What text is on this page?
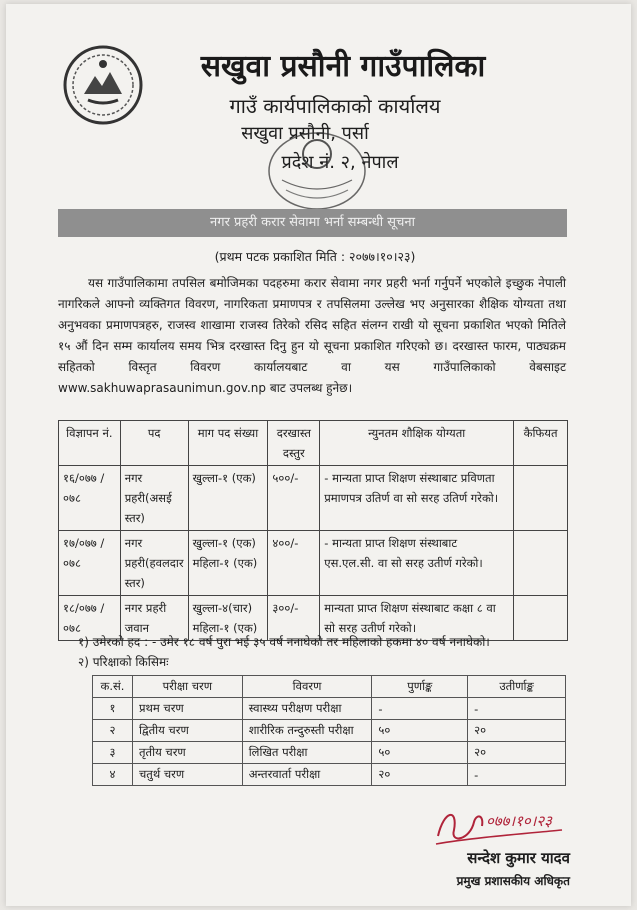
सखुवा प्रसौनी गाउँपालिका
गाउँ कार्यपालिकाको कार्यालय
सखुवा प्रसौनी, पर्सा
प्रदेश नं. २, नेपाल
नगर प्रहरी करार सेवामा भर्ना सम्बन्धी सूचना
(प्रथम पटक प्रकाशित मिति : २०७७।१०।२३)
यस गाउँपालिकामा तपसिल बमोजिमका पदहरुमा करार सेवामा नगर प्रहरी भर्ना गर्नुपर्ने भएकोले इच्छुक नेपाली नागरिकले आफ्नो व्यक्तिगत विवरण, नागरिकता प्रमाणपत्र र तपसिलमा उल्लेख भए अनुसारका शैक्षिक योग्यता तथा अनुभवका प्रमाणपत्रहरु, राजस्व शाखामा राजस्व तिरेको रसिद सहित संलग्न राखी यो सूचना प्रकाशित भएको मितिले १५ औं दिन सम्म कार्यालय समय भित्र दरखास्त दिनु हुन यो सूचना प्रकाशित गरिएको छ। दरखास्त फारम, पाठ्यक्रम सहितको विस्तृत विवरण कार्यालयबाट वा यस गाउँपालिकाको वेबसाइट www.sakhuwaprasaunimun.gov.np बाट उपलब्ध हुनेछ।
विज्ञापन नं.	पद	माग पद संख्या	दरखास्त दस्तुर	न्युनतम शौक्षिक योग्यता	कैफियत
१६/०७७ /०७८	नगर प्रहरी(असई स्तर)	खुल्ला-१ (एक)	५००/-	- मान्यता प्राप्त शिक्षण संस्थाबाट प्रविणता प्रमाणपत्र उतिर्ण वा सो सरह उतिर्ण गरेको।	
१७/०७७ /०७८	नगर प्रहरी(हवलदार स्तर)	खुल्ला-१ (एक) महिला-१ (एक)	४००/-	- मान्यता प्राप्त शिक्षण संस्थाबाट एस.एल.सी. वा सो सरह उतीर्ण गरेको।	
१८/०७७ /०७८	नगर प्रहरी जवान	खुल्ला-४(चार) महिला-१ (एक)	३००/-	मान्यता प्राप्त शिक्षण संस्थाबाट कक्षा ८ वा सो सरह उतीर्ण गरेको।	
१) उमेरको हद : - उमेर १८ वर्ष पुरा भई ३५ वर्ष ननाघेको तर महिलाको हकमा ४० वर्ष ननाघेको।
२) परिक्षाको किसिमः
क.सं.	परीक्षा चरण	विवरण	पुर्णाङ्क	उतीर्णाङ्क
१	प्रथम चरण	स्वास्थ्य परीक्षण परीक्षा	-	-
२	द्वितीय चरण	शारीरिक तन्दुरुस्ती परीक्षा	५०	२०
३	तृतीय चरण	लिखित परीक्षा	५०	२०
४	चतुर्थ चरण	अन्तरवार्ता परीक्षा	२०	-
०७७।१०।२३
सन्देश कुमार यादव
प्रमुख प्रशासकीय अधिकृत
